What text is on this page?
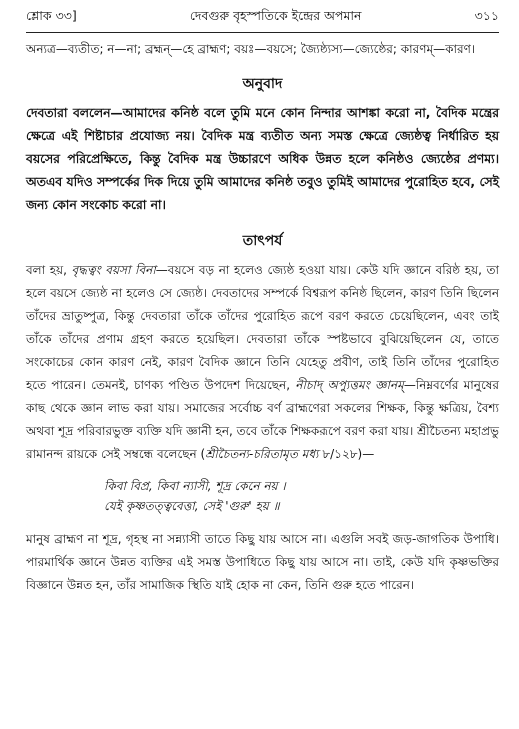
শ্লোক ৩৩]	দেবগুরু বৃহস্পতিকে ইন্দ্রের অপমান	৩১১
অন্যত্র—ব্যতীত; ন—না; ব্রহ্মন্—হে ব্রাহ্মণ; বয়ঃ—বয়সে; জ্যৈষ্ঠ্যস্য—জ্যেষ্ঠের; কারণম্—কারণ।
অনুবাদ
দেবতারা বললেন—আমাদের কনিষ্ঠ বলে তুমি মনে কোন নিন্দার আশঙ্কা করো না, বৈদিক মন্ত্রের ক্ষেত্রে এই শিষ্টাচার প্রযোজ্য নয়। বৈদিক মন্ত্র ব্যতীত অন্য সমস্ত ক্ষেত্রে জ্যেষ্ঠত্ব নির্ধারিত হয় বয়সের পরিপ্রেক্ষিতে, কিন্তু বৈদিক মন্ত্র উচ্চারণে অধিক উন্নত হলে কনিষ্ঠও জ্যেষ্ঠের প্রণম্য। অতএব যদিও সম্পর্কের দিক দিয়ে তুমি আমাদের কনিষ্ঠ তবুও তুমিই আমাদের পুরোহিত হবে, সেই জন্য কোন সংকোচ করো না।
তাৎপর্য
বলা হয়, বৃদ্ধত্বং বয়সা বিনা—বয়সে বড় না হলেও জ্যেষ্ঠ হওয়া যায়। কেউ যদি জ্ঞানে বরিষ্ঠ হয়, তা হলে বয়সে জ্যেষ্ঠ না হলেও সে জ্যেষ্ঠ। দেবতাদের সম্পর্কে বিশ্বরূপ কনিষ্ঠ ছিলেন, কারণ তিনি ছিলেন তাঁদের ভ্রাতুষ্পুত্র, কিন্তু দেবতারা তাঁকে তাঁদের পুরোহিত রূপে বরণ করতে চেয়েছিলেন, এবং তাই তাঁকে তাঁদের প্রণাম গ্রহণ করতে হয়েছিল। দেবতারা তাঁকে স্পষ্টভাবে বুঝিয়েছিলেন যে, তাতে সংকোচের কোন কারণ নেই, কারণ বৈদিক জ্ঞানে তিনি যেহেতু প্রবীণ, তাই তিনি তাঁদের পুরোহিত হতে পারেন। তেমনই, চাণক্য পণ্ডিত উপদেশ দিয়েছেন, নীচাদ্ অপ্যুত্তমং জ্ঞানম্—নিম্নবর্ণের মানুষের কাছ থেকে জ্ঞান লাভ করা যায়। সমাজের সর্বোচ্চ বর্ণ ব্রাহ্মণেরা সকলের শিক্ষক, কিন্তু ক্ষত্রিয়, বৈশ্য অথবা শূদ্র পরিবারভুক্ত ব্যক্তি যদি জ্ঞানী হন, তবে তাঁকে শিক্ষকরূপে বরণ করা যায়। শ্রীচৈতন্য মহাপ্রভু রামানন্দ রায়কে সেই সম্বন্ধে বলেছেন (শ্রীচৈতন্য-চরিতামৃত মধ্য ৮/১২৮)—
কিবা বিপ্র, কিবা ন্যাসী, শূদ্র কেনে নয় ।
যেই কৃষ্ণতত্ত্ববেত্তা, সেই 'গুরু' হয় ॥
মানুষ ব্রাহ্মণ না শূদ্র, গৃহস্থ না সন্ন্যাসী তাতে কিছু যায় আসে না। এগুলি সবই জড়-জাগতিক উপাধি। পারমার্থিক জ্ঞানে উন্নত ব্যক্তির এই সমস্ত উপাধিতে কিছু যায় আসে না। তাই, কেউ যদি কৃষ্ণভক্তির বিজ্ঞানে উন্নত হন, তাঁর সামাজিক স্থিতি যাই হোক না কেন, তিনি গুরু হতে পারেন।
